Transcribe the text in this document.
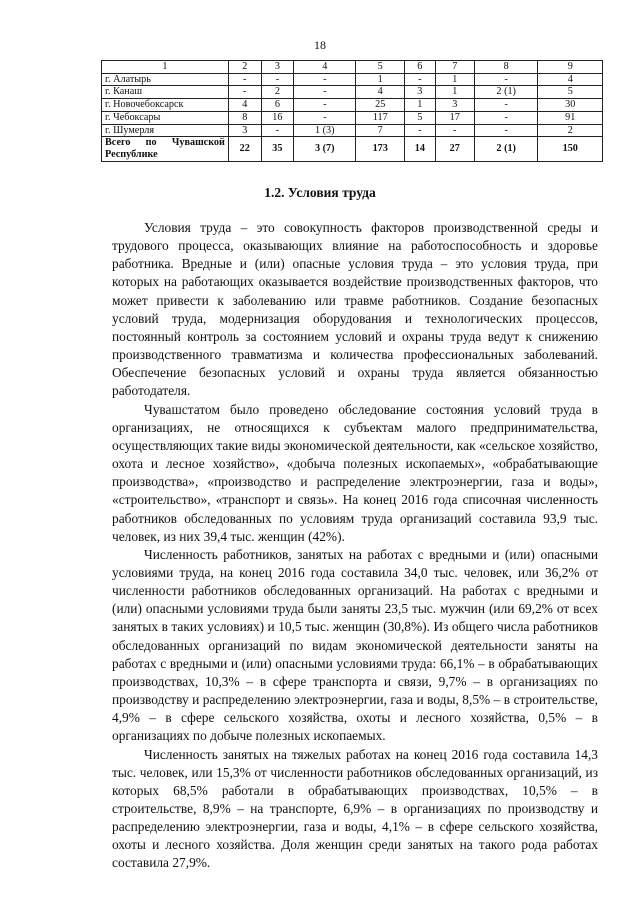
18
1	2	3	4	5	6	7	8	9
г. Алатырь	-	-	-	1	-	1	-	4
г. Канаш	-	2	-	4	3	1	2 (1)	5
г. Новочебоксарск	4	6	-	25	1	3	-	30
г. Чебоксары	8	16	-	117	5	17	-	91
г. Шумерля	3	-	1 (3)	7	-	-	-	2

Всего по Чувашской
Республике	22	35	3 (7)	173	14	27	2 (1)	150
1.2. Условия труда

Условия труда – это совокупность факторов производственной среды и трудового процесса, оказывающих влияние на работоспособность и здоровье работника. Вредные и (или) опасные условия труда – это условия труда, при которых на работающих оказывается воздействие производственных факторов, что может привести к заболеванию или травме работников. Создание безопасных условий труда, модернизация оборудования и технологических процессов, постоянный контроль за состоянием условий и охраны труда ведут к снижению производственного травматизма и количества профессиональных заболеваний. Обеспечение безопасных условий и охраны труда является обязанностью работодателя.

Чувашстатом было проведено обследование состояния условий труда в организациях, не относящихся к субъектам малого предпринимательства, осуществляющих такие виды экономической деятельности, как «сельское хозяйство, охота и лесное хозяйство», «добыча полезных ископаемых», «обрабатывающие производства», «производство и распределение электроэнергии, газа и воды», «строительство», «транспорт и связь». На конец 2016 года списочная численность работников обследованных по условиям труда организаций составила 93,9 тыс. человек, из них 39,4 тыс. женщин (42%).

Численность работников, занятых на работах с вредными и (или) опасными условиями труда, на конец 2016 года составила 34,0 тыс. человек, или 36,2% от численности работников обследованных организаций. На работах с вредными и (или) опасными условиями труда были заняты 23,5 тыс. мужчин (или 69,2% от всех занятых в таких условиях) и 10,5 тыс. женщин (30,8%). Из общего числа работников обследованных организаций по видам экономической деятельности заняты на работах с вредными и (или) опасными условиями труда: 66,1% – в обрабатывающих производствах, 10,3% – в сфере транспорта и связи, 9,7% – в организациях по производству и распределению электроэнергии, газа и воды, 8,5% – в строительстве, 4,9% – в сфере сельского хозяйства, охоты и лесного хозяйства, 0,5% – в организациях по добыче полезных ископаемых.

Численность занятых на тяжелых работах на конец 2016 года составила 14,3 тыс. человек, или 15,3% от численности работников обследованных организаций, из которых 68,5% работали в обрабатывающих производствах, 10,5% – в строительстве, 8,9% – на транспорте, 6,9% – в организациях по производству и распределению электроэнергии, газа и воды, 4,1% – в сфере сельского хозяйства, охоты и лесного хозяйства. Доля женщин среди занятых на такого рода работах составила 27,9%.
